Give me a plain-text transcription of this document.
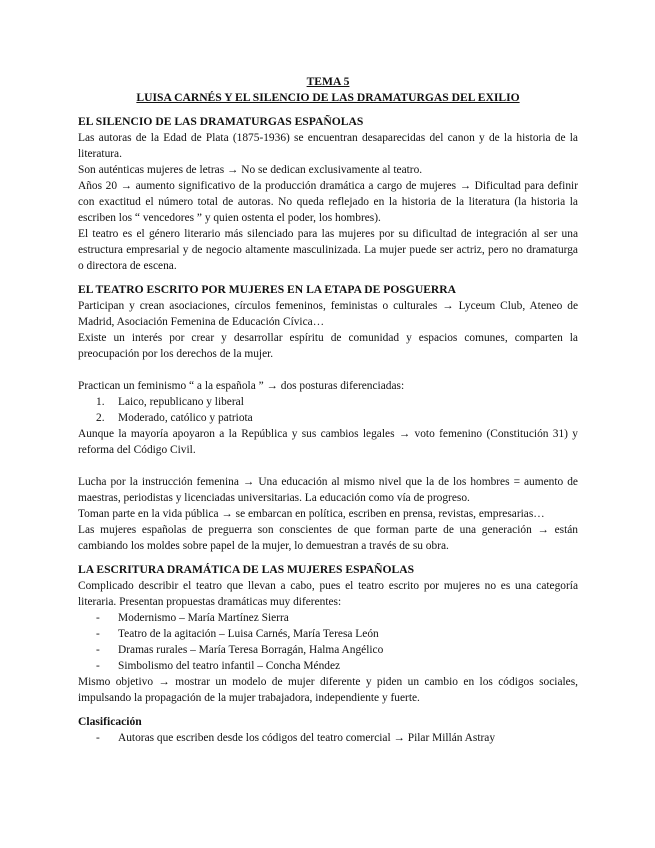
TEMA 5

LUISA CARNÉS Y EL SILENCIO DE LAS DRAMATURGAS DEL EXILIO

EL SILENCIO DE LAS DRAMATURGAS ESPAÑOLAS

Las autoras de la Edad de Plata (1875-1936) se encuentran desaparecidas del canon y de la historia de la literatura.

Son auténticas mujeres de letras → No se dedican exclusivamente al teatro.

Años 20 → aumento significativo de la producción dramática a cargo de mujeres → Dificultad para definir con exactitud el número total de autoras. No queda reflejado en la historia de la literatura (la historia la escriben los “ vencedores ” y quien ostenta el poder, los hombres).

El teatro es el género literario más silenciado para las mujeres por su dificultad de integración al ser una estructura empresarial y de negocio altamente masculinizada. La mujer puede ser actriz, pero no dramaturga o directora de escena.

EL TEATRO ESCRITO POR MUJERES EN LA ETAPA DE POSGUERRA

Participan y crean asociaciones, círculos femeninos, feministas o culturales → Lyceum Club, Ateneo de Madrid, Asociación Femenina de Educación Cívica…

Existe un interés por crear y desarrollar espíritu de comunidad y espacios comunes, comparten la preocupación por los derechos de la mujer.

Practican un feminismo “ a la española ” → dos posturas diferenciadas:

1. Laico, republicano y liberal
2. Moderado, católico y patriota

Aunque la mayoría apoyaron a la República y sus cambios legales → voto femenino (Constitución 31) y reforma del Código Civil.

Lucha por la instrucción femenina → Una educación al mismo nivel que la de los hombres = aumento de maestras, periodistas y licenciadas universitarias. La educación como vía de progreso.

Toman parte en la vida pública → se embarcan en política, escriben en prensa, revistas, empresarias…

Las mujeres españolas de preguerra son conscientes de que forman parte de una generación → están cambiando los moldes sobre papel de la mujer, lo demuestran a través de su obra.

LA ESCRITURA DRAMÁTICA DE LAS MUJERES ESPAÑOLAS

Complicado describir el teatro que llevan a cabo, pues el teatro escrito por mujeres no es una categoría literaria. Presentan propuestas dramáticas muy diferentes:

- Modernismo – María Martínez Sierra
- Teatro de la agitación – Luisa Carnés, María Teresa León
- Dramas rurales – María Teresa Borragán, Halma Angélico
- Simbolismo del teatro infantil – Concha Méndez

Mismo objetivo → mostrar un modelo de mujer diferente y piden un cambio en los códigos sociales, impulsando la propagación de la mujer trabajadora, independiente y fuerte.

Clasificación

- Autoras que escriben desde los códigos del teatro comercial → Pilar Millán Astray
